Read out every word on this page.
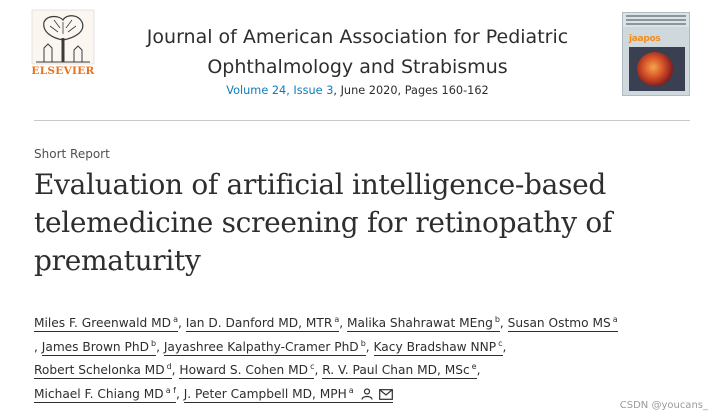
ELSEVIER
Journal of American Association for Pediatric
Ophthalmology and Strabismus
Volume 24, Issue 3, June 2020, Pages 160-162
jaapos
Short Report
Evaluation of artificial intelligence-based telemedicine screening for retinopathy of prematurity
Miles F. Greenwald MD $^a$, Ian D. Danford MD, MTR $^a$, Malika Shahrawat MEng $^b$, Susan Ostmo MS $^a$
, James Brown PhD $^b$, Jayashree Kalpathy-Cramer PhD $^b$, Kacy Bradshaw NNP $^c$,
Robert Schelonka MD $^d$, Howard S. Cohen MD $^c$, R. V. Paul Chan MD, MSc $^e$,
Michael F. Chiang MD $^{a f}$, J. Peter Campbell MD, MPH $^a$
CSDN @youcans_
